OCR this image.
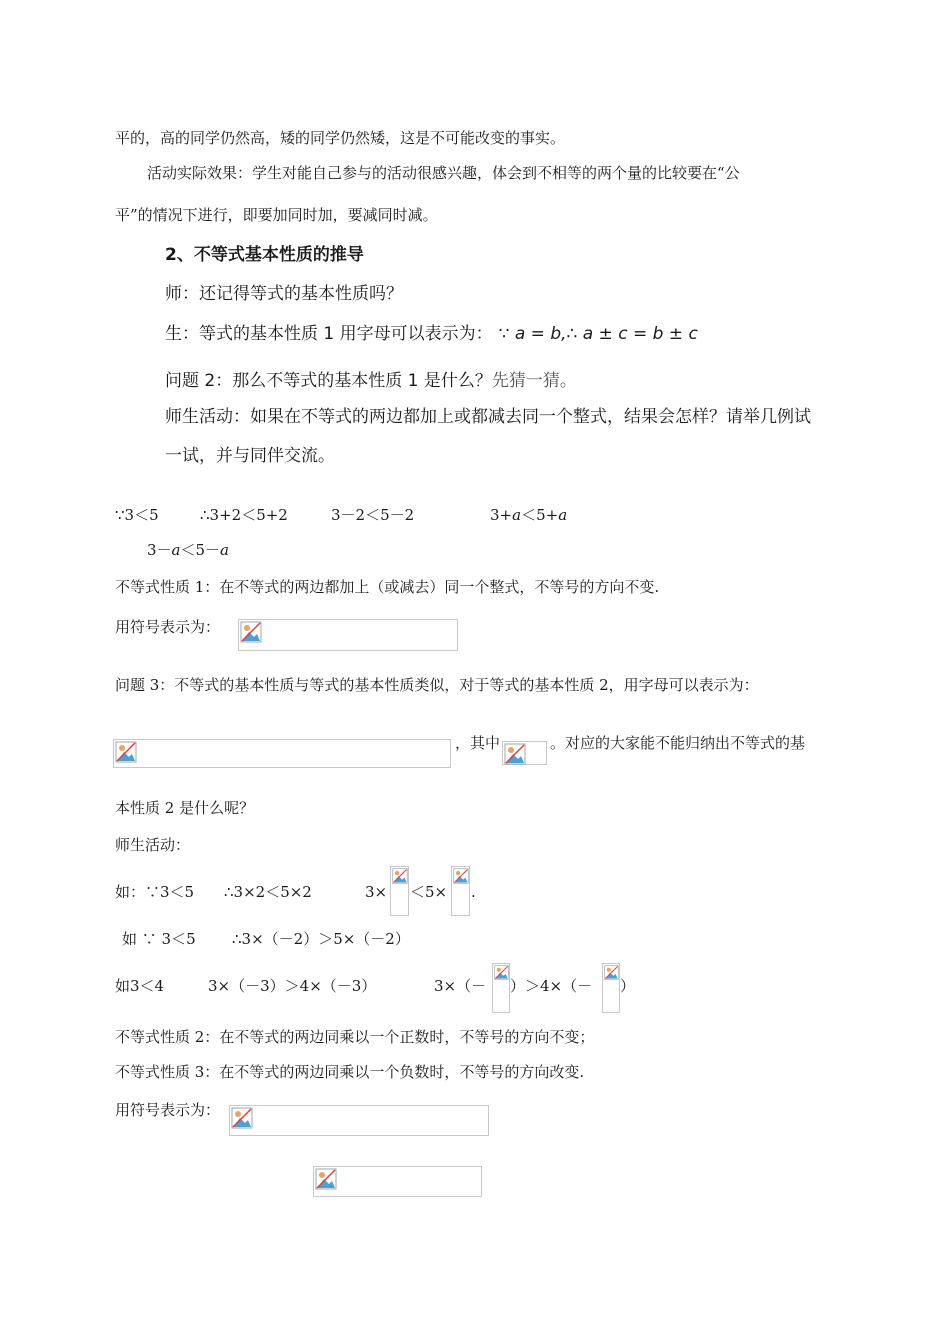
平的，高的同学仍然高，矮的同学仍然矮，这是不可能改变的事实。
活动实际效果：学生对能自己参与的活动很感兴趣，体会到不相等的两个量的比较要在“公
平”的情况下进行，即要加同时加，要减同时减。
2、不等式基本性质的推导
师：还记得等式的基本性质吗？
生：等式的基本性质 1 用字母可以表示为： ∵ a = b,∴ a ± c = b ± c
问题 2：那么不等式的基本性质 1 是什么？先猜一猜。
师生活动：如果在不等式的两边都加上或都减去同一个整式，结果会怎样？请举几例试
一试，并与同伴交流。
∵3＜5	∴3+2＜5+2	3－2＜5－2	3+a＜5+a
3－a＜5－a
不等式性质 1：在不等式的两边都加上（或减去）同一个整式，不等号的方向不变.
用符号表示为：
问题 3：不等式的基本性质与等式的基本性质类似，对于等式的基本性质 2，用字母可以表示为：
，其中	。对应的大家能不能归纳出不等式的基
本性质 2 是什么呢？
师生活动：
如：∵3＜5 ∴3×2＜5×2	3× ＜5× .
如 ∵ 3＜5 ∴3×（－2）＞5×（－2）
如3＜4	3×（－3）＞4×（－3）	3×（－ ）＞4×（－ ）
不等式性质 2：在不等式的两边同乘以一个正数时，不等号的方向不变；
不等式性质 3：在不等式的两边同乘以一个负数时，不等号的方向改变.
用符号表示为：
